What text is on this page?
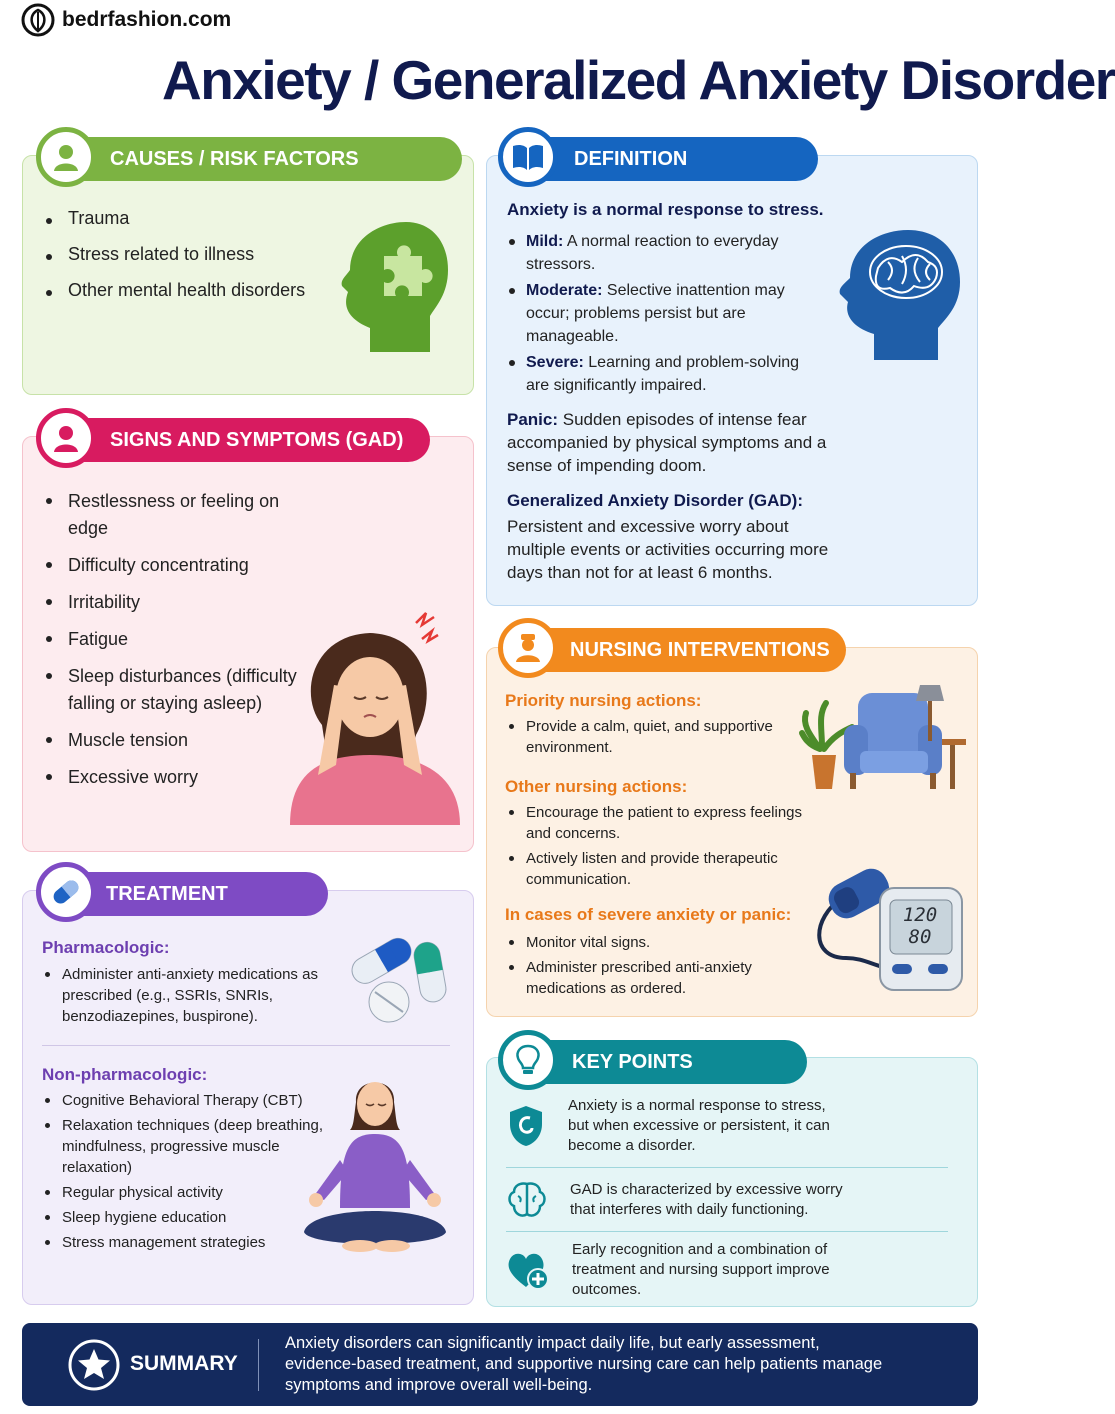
bedrfashion.com
Anxiety / Generalized Anxiety Disorder
CAUSES / RISK FACTORS
Trauma
Stress related to illness
Other mental health disorders
SIGNS AND SYMPTOMS (GAD)
Restlessness or feeling on edge
Difficulty concentrating
Irritability
Fatigue
Sleep disturbances (difficulty falling or staying asleep)
Muscle tension
Excessive worry
TREATMENT
Pharmacologic:
Administer anti-anxiety medications as prescribed (e.g., SSRIs, SNRIs, benzodiazepines, buspirone).
Non-pharmacologic:
Cognitive Behavioral Therapy (CBT)
Relaxation techniques (deep breathing, mindfulness, progressive muscle relaxation)
Regular physical activity
Sleep hygiene education
Stress management strategies
DEFINITION
Anxiety is a normal response to stress.
Mild: A normal reaction to everyday stressors.
Moderate: Selective inattention may occur; problems persist but are manageable.
Severe: Learning and problem-solving are significantly impaired.
Panic: Sudden episodes of intense fear accompanied by physical symptoms and a sense of impending doom.
Generalized Anxiety Disorder (GAD):
Persistent and excessive worry about multiple events or activities occurring more days than not for at least 6 months.
NURSING INTERVENTIONS
Priority nursing actions:
Provide a calm, quiet, and supportive environment.
Other nursing actions:
Encourage the patient to express feelings and concerns.
Actively listen and provide therapeutic communication.
In cases of severe anxiety or panic:
Monitor vital signs.
Administer prescribed anti-anxiety medications as ordered.
120
80
KEY POINTS
Anxiety is a normal response to stress, but when excessive or persistent, it can become a disorder.
GAD is characterized by excessive worry that interferes with daily functioning.
Early recognition and a combination of treatment and nursing support improve outcomes.
SUMMARY
Anxiety disorders can significantly impact daily life, but early assessment, evidence-based treatment, and supportive nursing care can help patients manage symptoms and improve overall well-being.
